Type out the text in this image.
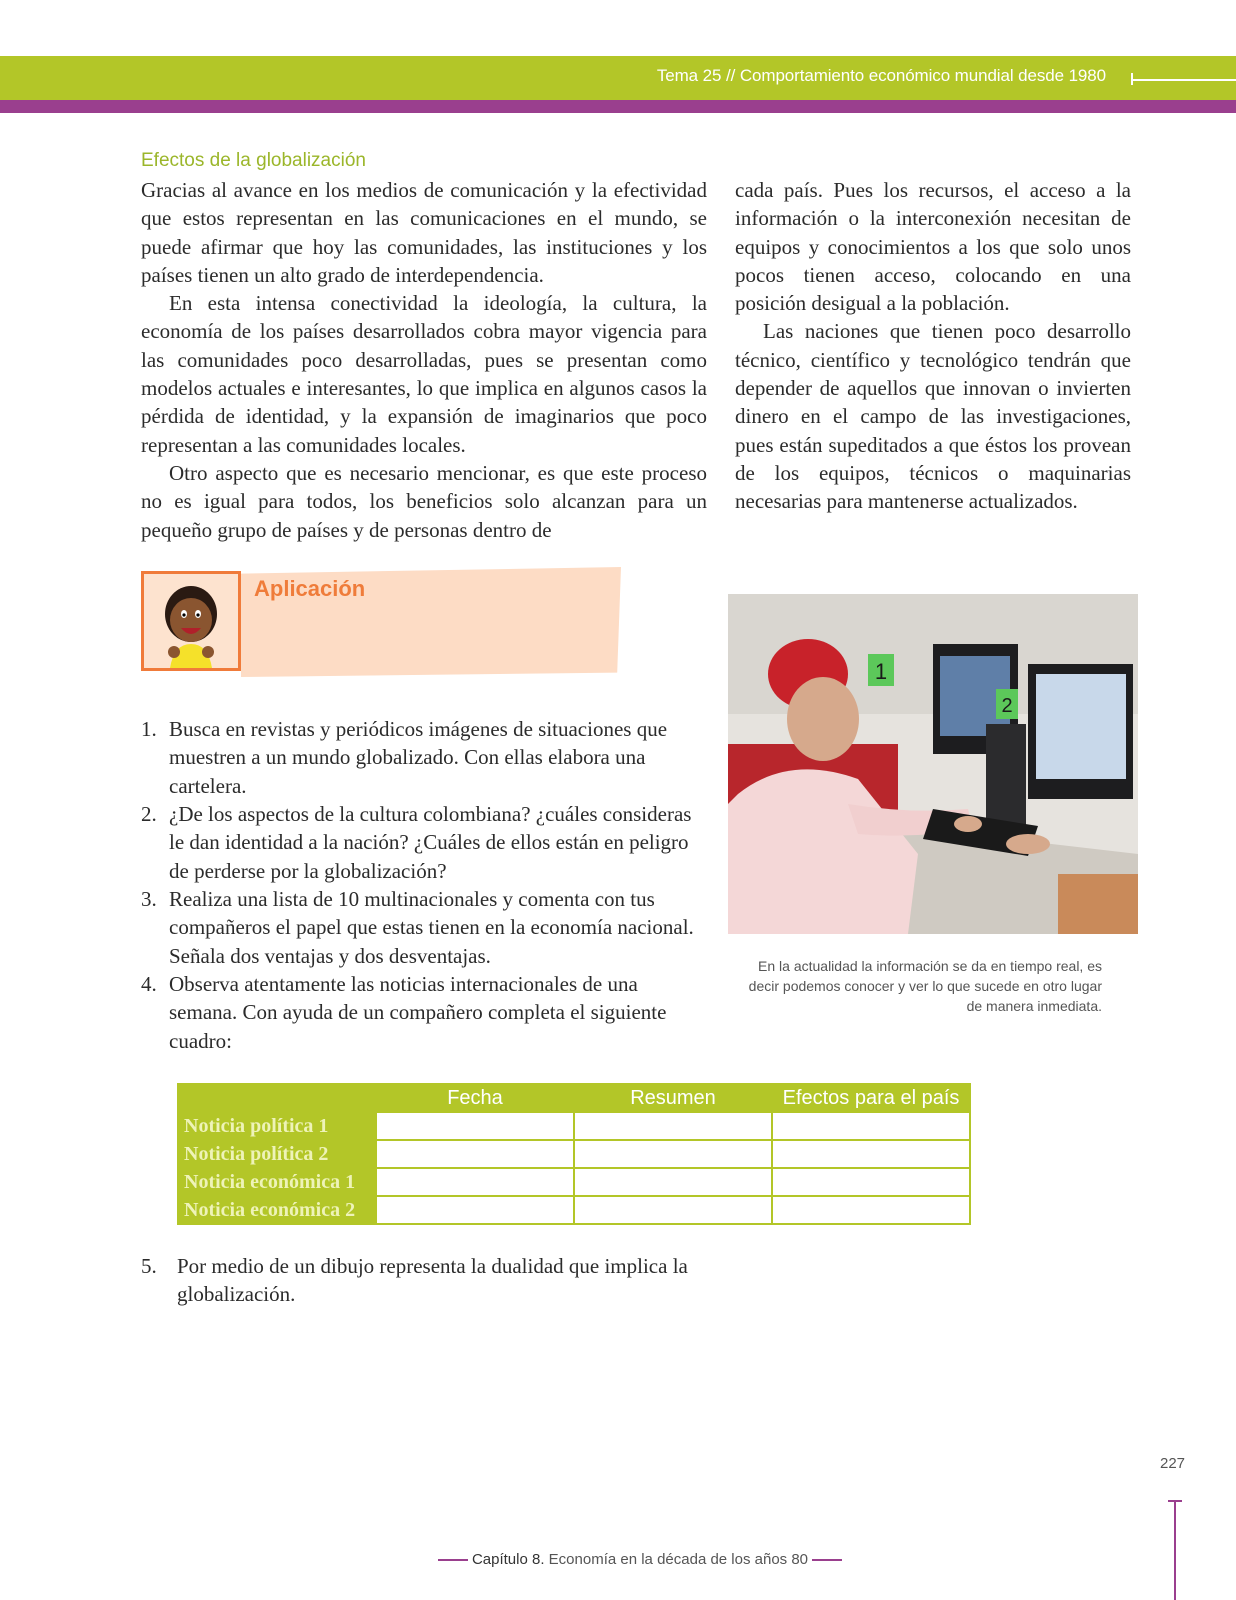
Tema 25 // Comportamiento económico mundial desde 1980
Efectos de la globalización

Gracias al avance en los medios de comunicación y la efectividad que estos representan en las comunicaciones en el mundo, se puede afirmar que hoy las comunidades, las instituciones y los países tienen un alto grado de interdependencia.

En esta intensa conectividad la ideología, la cultura, la economía de los países desarrollados cobra mayor vigencia para las comunidades poco desarrolladas, pues se presentan como modelos actuales e interesantes, lo que implica en algunos casos la pérdida de identidad, y la expansión de imaginarios que poco representan a las comunidades locales.

Otro aspecto que es necesario mencionar, es que este proceso no es igual para todos, los beneficios solo alcanzan para un pequeño grupo de países y de personas dentro de

cada país. Pues los recursos, el acceso a la información o la interconexión necesitan de equipos y conocimientos a los que solo unos pocos tienen acceso, colocando en una posición desigual a la población.

Las naciones que tienen poco desarrollo técnico, científico y tecnológico tendrán que depender de aquellos que innovan o invierten dinero en el campo de las investigaciones, pues están supeditados a que éstos los provean de los equipos, técnicos o maquinarias necesarias para mantenerse actualizados.

Aplicación
1. Busca en revistas y periódicos imágenes de situaciones que muestren a un mundo globalizado. Con ellas elabora una cartelera.
2. ¿De los aspectos de la cultura colombiana? ¿cuáles consideras le dan identidad a la nación? ¿Cuáles de ellos están en peligro de perderse por la globalización?
3. Realiza una lista de 10 multinacionales y comenta con tus compañeros el papel que estas tienen en la economía nacional. Señala dos ventajas y dos desventajas.
4. Observa atentamente las noticias internacionales de una semana. Con ayuda de un compañero completa el siguiente cuadro:
5. Por medio de un dibujo representa la dualidad que implica la globalización.
1
2
En la actualidad la información se da en tiempo real, es decir podemos conocer y ver lo que sucede en otro lugar de manera inmediata.
	Fecha	Resumen	Efectos para el país
Noticia política 1			
Noticia política 2			
Noticia económica 1			
Noticia económica 2			
227
Capítulo 8. Economía en la década de los años 80
